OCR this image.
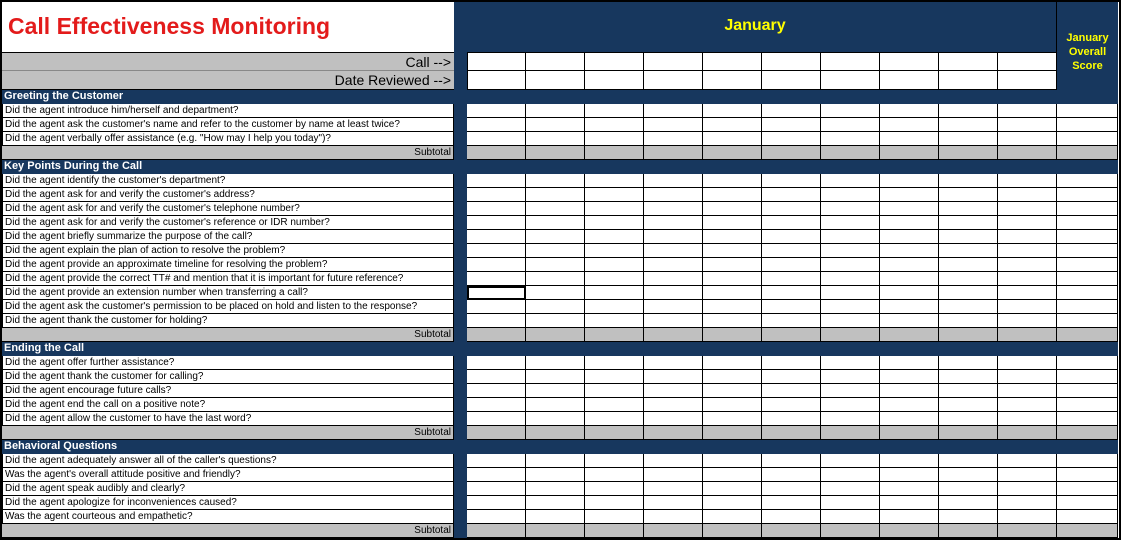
Call Effectiveness Monitoring	January
January Overall Score
Call -->
Date Reviewed -->
Greeting the Customer
Did the agent introduce him/herself and department?
Did the agent ask the customer's name and refer to the customer by name at least twice?
Did the agent verbally offer assistance (e.g. "How may I help you today")?
Subtotal
Key Points During the Call
Did the agent identify the customer's department?
Did the agent ask for and verify the customer's address?
Did the agent ask for and verify the customer's telephone number?
Did the agent ask for and verify the customer's reference or IDR number?
Did the agent briefly summarize the purpose of the call?
Did the agent explain the plan of action to resolve the problem?
Did the agent provide an approximate timeline for resolving the problem?
Did the agent provide the correct TT# and mention that it is important for future reference?
Did the agent provide an extension number when transferring a call?
Did the agent ask the customer's permission to be placed on hold and listen to the response?
Did the agent thank the customer for holding?
Subtotal
Ending the Call
Did the agent offer further assistance?
Did the agent thank the customer for calling?
Did the agent encourage future calls?
Did the agent end the call on a positive note?
Did the agent allow the customer to have the last word?
Subtotal
Behavioral Questions
Did the agent adequately answer all of the caller's questions?
Was the agent's overall attitude positive and friendly?
Did the agent speak audibly and clearly?
Did the agent apologize for inconveniences caused?
Was the agent courteous and empathetic?
Subtotal
